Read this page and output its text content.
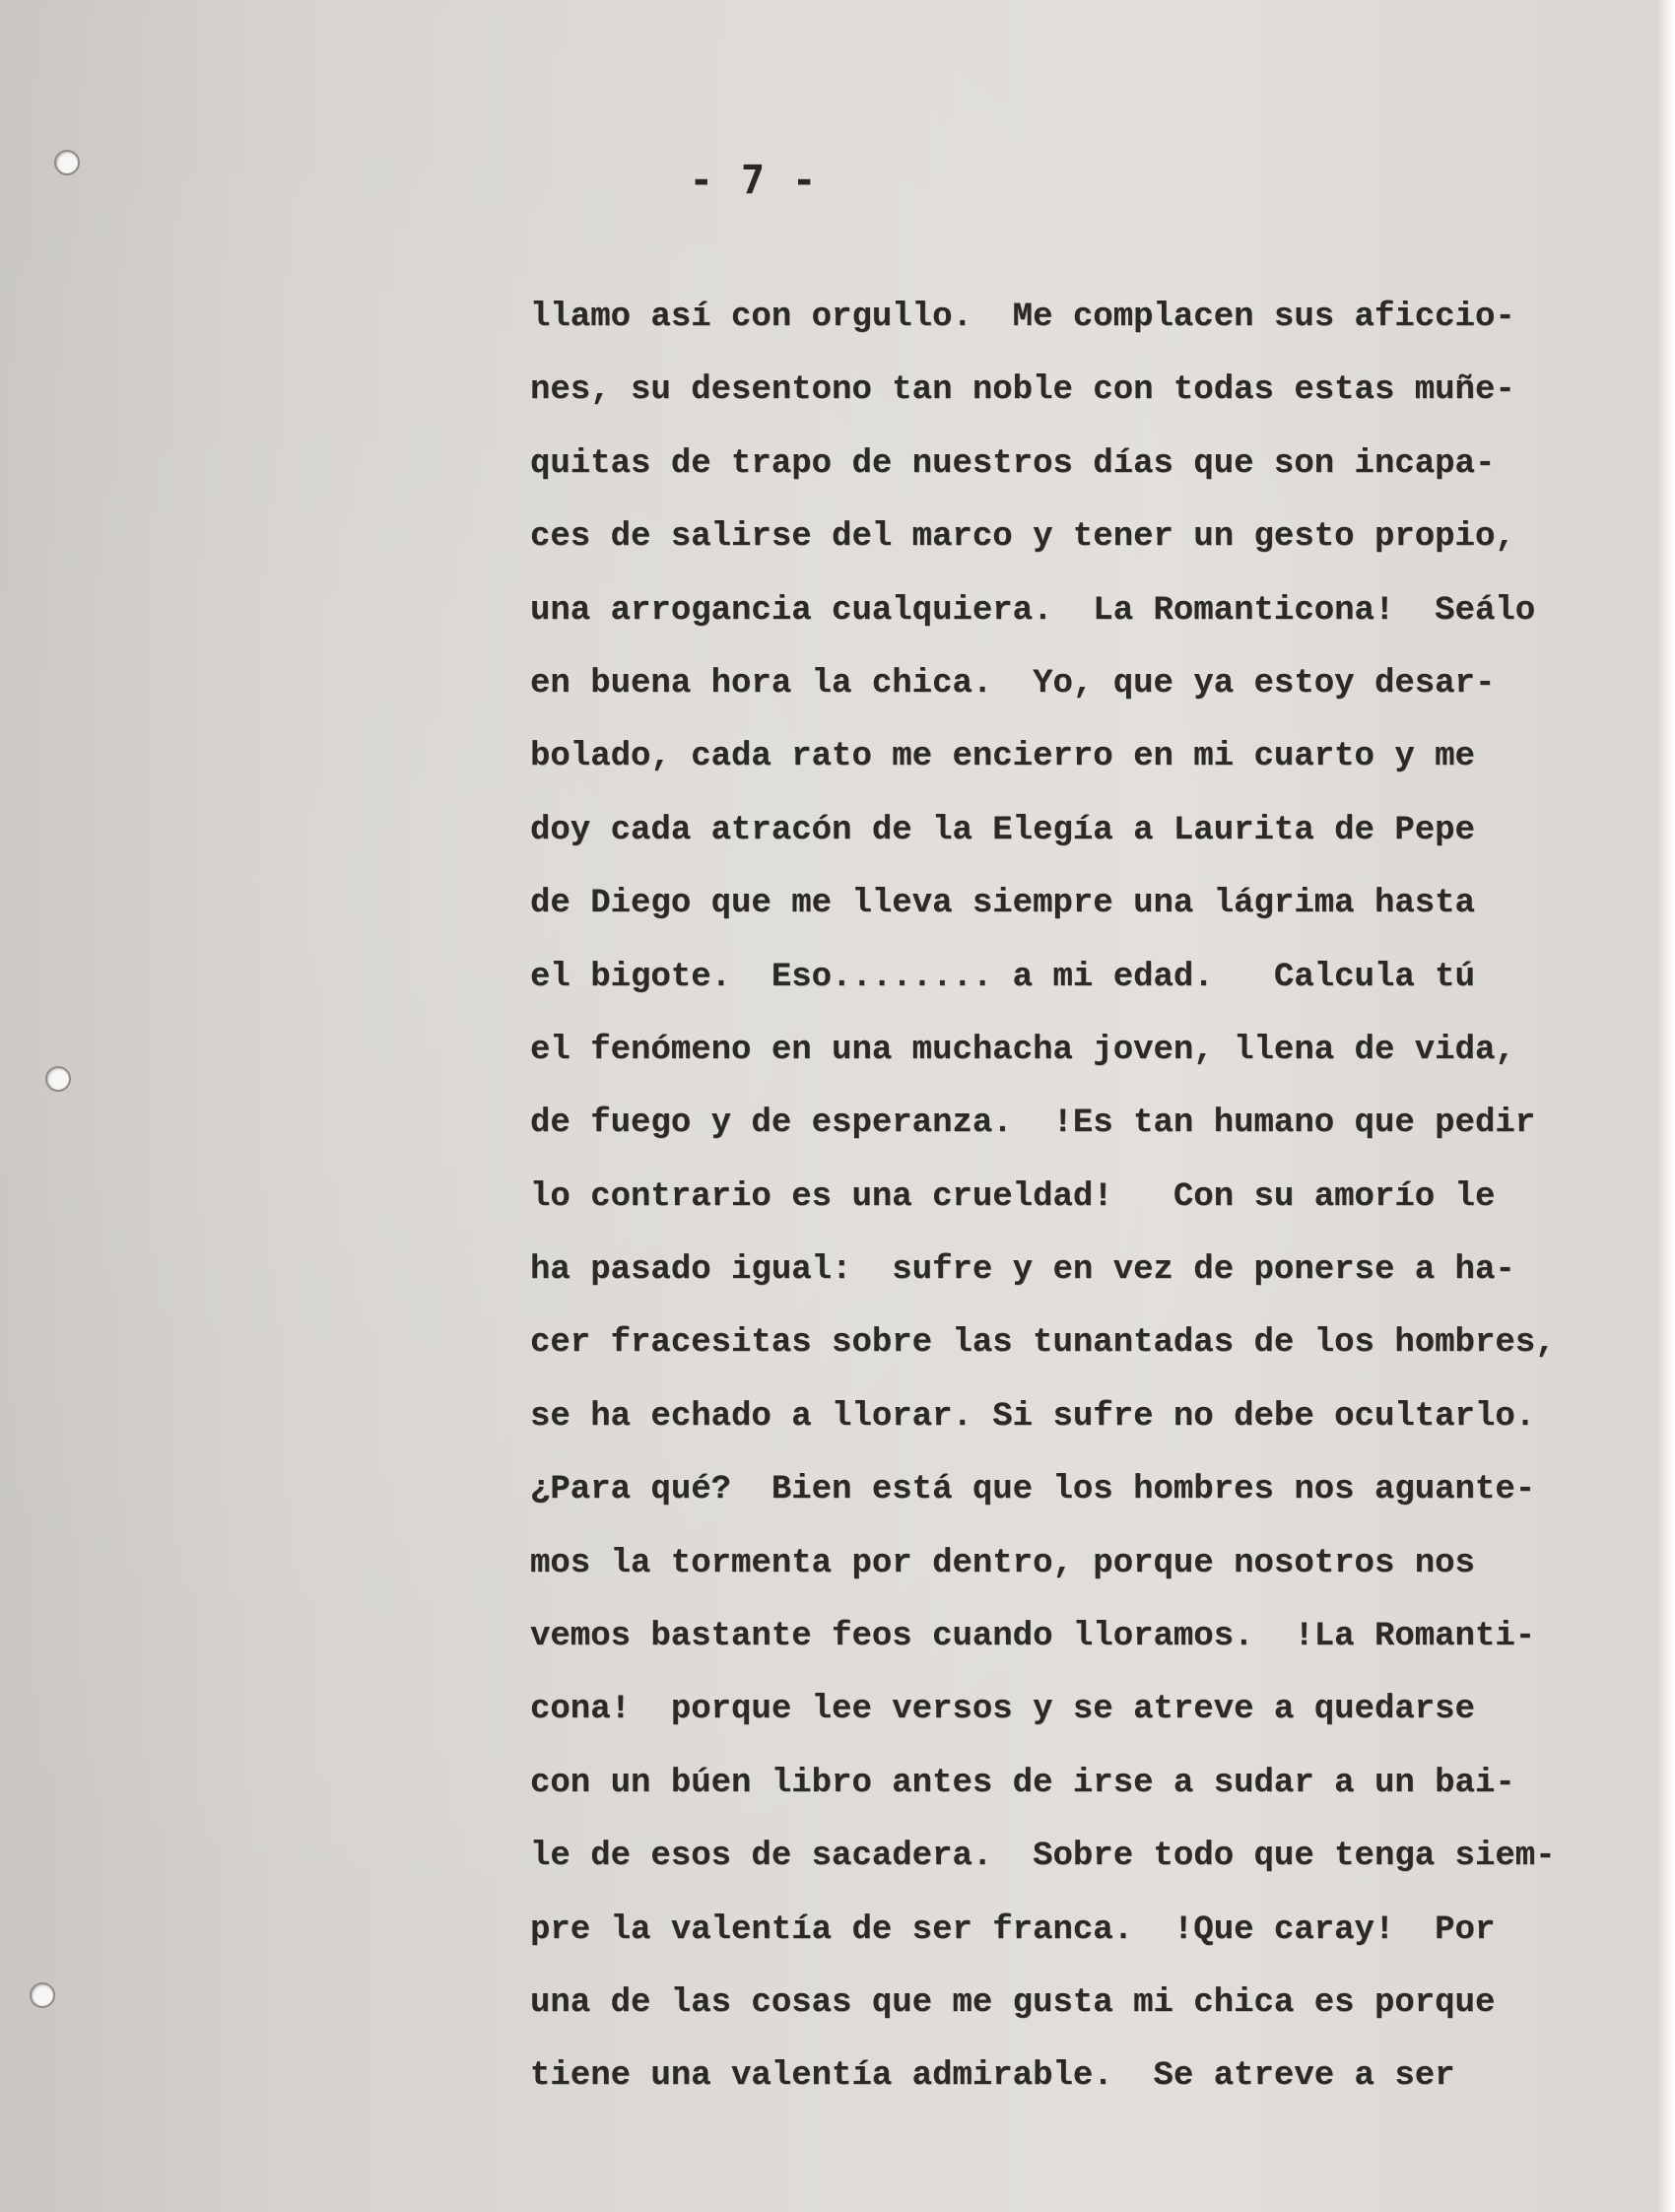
- 7 -
llamo así con orgullo.  Me complacen sus aficcio-
nes, su desentono tan noble con todas estas muñe-
quitas de trapo de nuestros días que son incapa-
ces de salirse del marco y tener un gesto propio,
una arrogancia cualquiera.  La Romanticona!  Seálo
en buena hora la chica.  Yo, que ya estoy desar-
bolado, cada rato me encierro en mi cuarto y me
doy cada atracón de la Elegía a Laurita de Pepe
de Diego que me lleva siempre una lágrima hasta
el bigote.  Eso........ a mi edad.   Calcula tú
el fenómeno en una muchacha joven, llena de vida,
de fuego y de esperanza.  !Es tan humano que pedir
lo contrario es una crueldad!   Con su amorío le
ha pasado igual:  sufre y en vez de ponerse a ha-
cer fracesitas sobre las tunantadas de los hombres,
se ha echado a llorar. Si sufre no debe ocultarlo.
¿Para qué?  Bien está que los hombres nos aguante-
mos la tormenta por dentro, porque nosotros nos
vemos bastante feos cuando lloramos.  !La Romanti-
cona!  porque lee versos y se atreve a quedarse
con un búen libro antes de irse a sudar a un bai-
le de esos de sacadera.  Sobre todo que tenga siem-
pre la valentía de ser franca.  !Que caray!  Por
una de las cosas que me gusta mi chica es porque
tiene una valentía admirable.  Se atreve a ser
